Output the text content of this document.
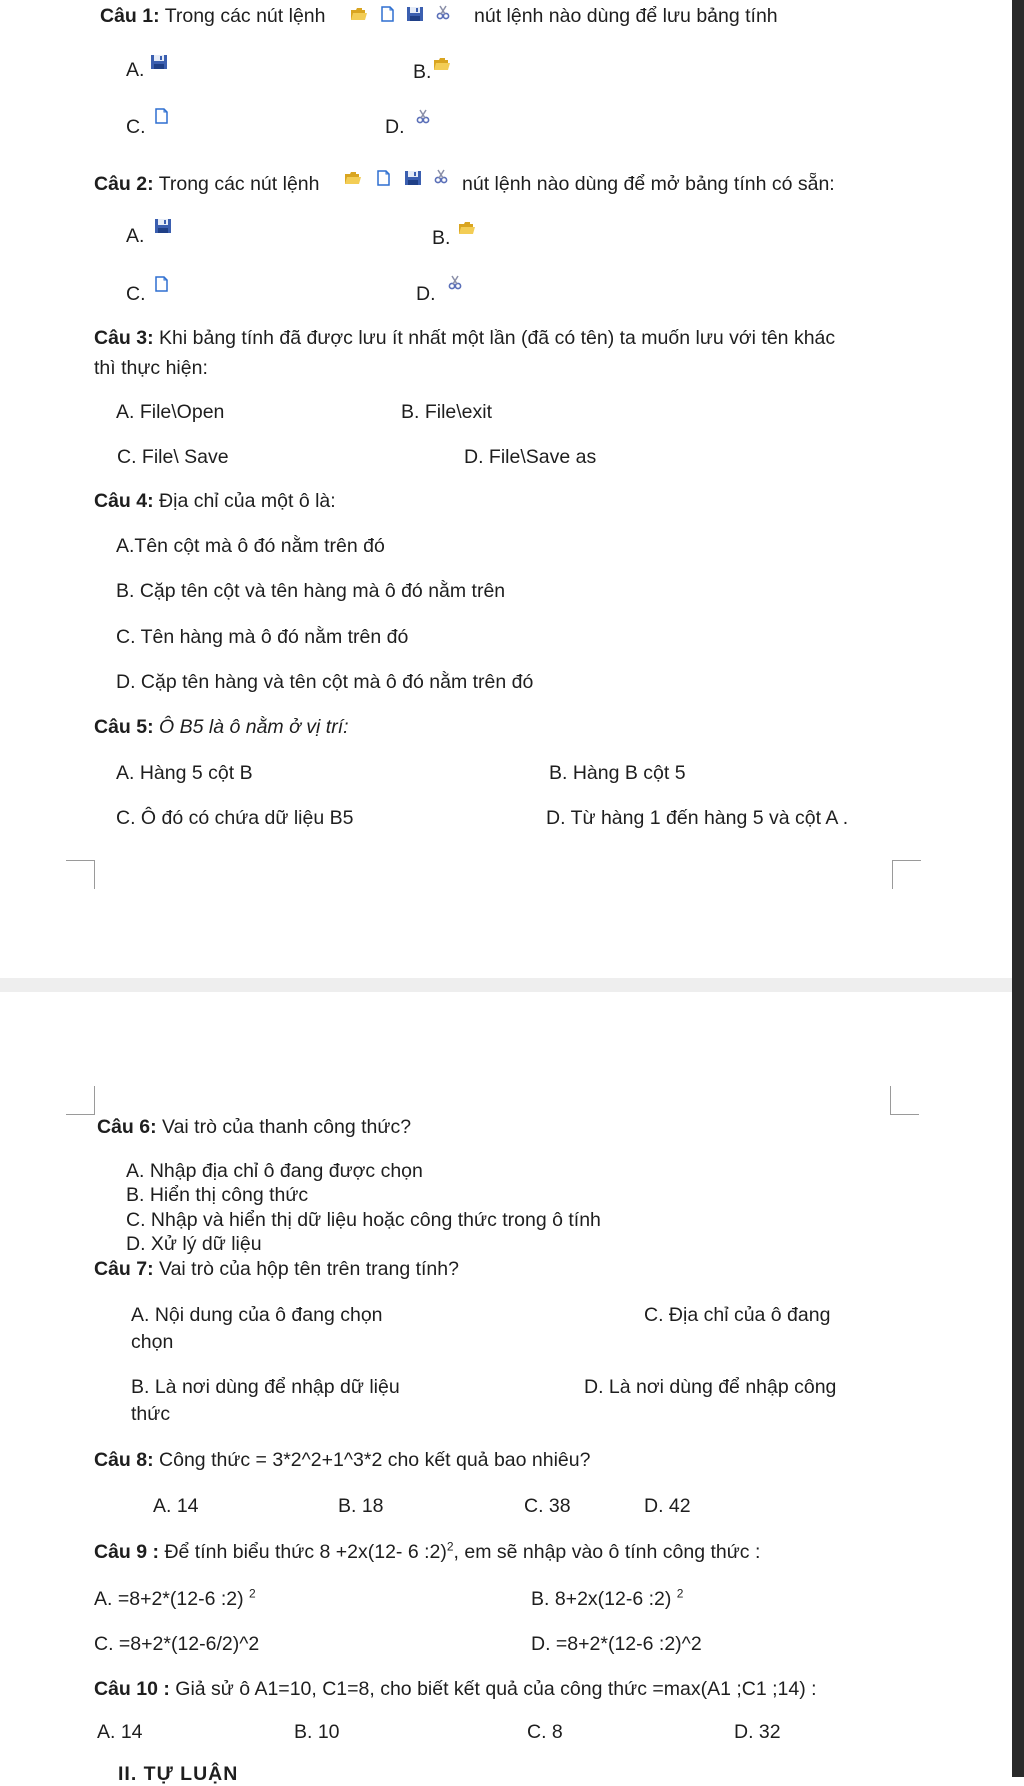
Câu 1: Trong các nút lệnh	nút lệnh nào dùng để lưu bảng tính
A.	B.
C.	D.
Câu 2: Trong các nút lệnh	nút lệnh nào dùng để mở bảng tính có sẵn:
A.	B.
C.	D.
Câu 3: Khi bảng tính đã được lưu ít nhất một lần (đã có tên) ta muốn lưu với tên khác
thì thực hiện:
A. File\Open	B. File\exit
C. File\ Save	D. File\Save as
Câu 4: Địa chỉ của một ô là:
A.Tên cột mà ô đó nằm trên đó
B. Cặp tên cột và tên hàng mà ô đó nằm trên
C. Tên hàng mà ô đó nằm trên đó
D. Cặp tên hàng và tên cột mà ô đó nằm trên đó
Câu 5: Ô B5 là ô nằm ở vị trí:
A. Hàng 5 cột B	B. Hàng B cột 5
C. Ô đó có chứa dữ liệu B5	D. Từ hàng 1 đến hàng 5 và cột A .
Câu 6: Vai trò của thanh công thức?
A. Nhập địa chỉ ô đang được chọn
B. Hiển thị công thức
C. Nhập và hiển thị dữ liệu hoặc công thức trong ô tính
D. Xử lý dữ liệu
Câu 7: Vai trò của hộp tên trên trang tính?
A. Nội dung của ô đang chọn	C. Địa chỉ của ô đang
chọn
B. Là nơi dùng để nhập dữ liệu	D. Là nơi dùng để nhập công
thức
Câu 8: Công thức = 3*2^2+1^3*2 cho kết quả bao nhiêu?
A. 14	B. 18	C. 38	D. 42
Câu 9 : Để tính biểu thức 8 +2x(12- 6 :2)$^2$, em sẽ nhập vào ô tính công thức :
A. =8+2*(12-6 :2) $^2$	B. 8+2x(12-6 :2) $^2$
C. =8+2*(12-6/2)^2	D. =8+2*(12-6 :2)^2
Câu 10 : Giả sử ô A1=10, C1=8, cho biết kết quả của công thức =max(A1 ;C1 ;14) :
A. 14	B. 10	C. 8	D. 32
II. TỰ LUẬN
